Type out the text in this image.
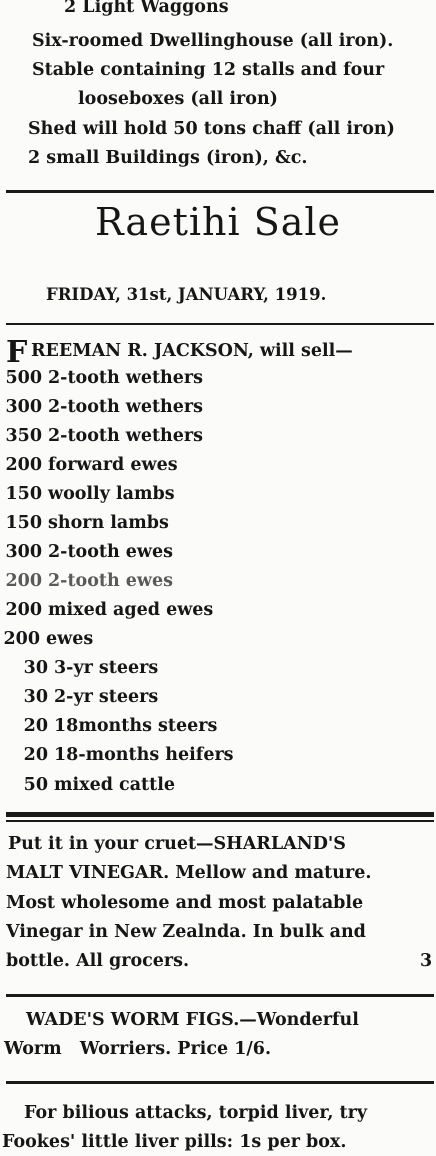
2 Light Waggons
Six-roomed Dwellinghouse (all iron).
Stable containing 12 stalls and four
looseboxes (all iron)
Shed will hold 50 tons chaff (all iron)
2 small Buildings (iron), &c.
Raetihi Sale
FRIDAY, 31st, JANUARY, 1919.
F REEMAN R. JACKSON, will sell—
500 2-tooth wethers
300 2-tooth wethers
350 2-tooth wethers
200 forward ewes
150 woolly lambs
150 shorn lambs
300 2-tooth ewes
200 2-tooth ewes
200 mixed aged ewes
200 ewes
30 3-yr steers
30 2-yr steers
20 18months steers
20 18-months heifers
50 mixed cattle
Put it in your cruet—SHARLAND'S
MALT VINEGAR. Mellow and mature.
Most wholesome and most palatable
Vinegar in New Zealnda. In bulk and
bottle. All grocers.	3
WADE'S WORM FIGS.—Wonderful
Worm   Worriers. Price 1/6.
For bilious attacks, torpid liver, try
Fookes' little liver pills: 1s per box.
